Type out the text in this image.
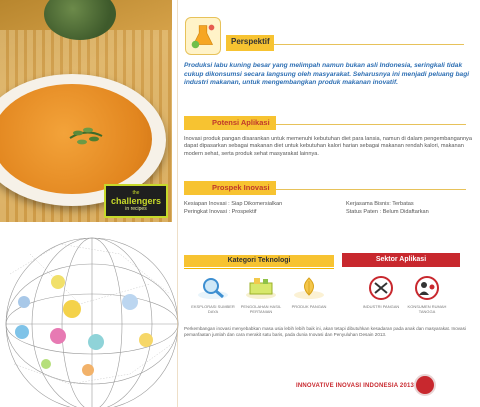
the
challengers
in recipes
Perspektif
Produksi labu kuning besar yang melimpah namun bukan asli Indonesia, seringkali tidak cukup dikonsumsi secara langsung oleh masyarakat. Seharusnya ini menjadi peluang bagi industri makanan, untuk mengembangkan produk makanan inovatif.
Potensi Aplikasi
Inovasi produk pangan disarankan untuk memenuhi kebutuhan diet para lansia, namun di dalam pengembangannya dapat dipasarkan sebagai makanan diet untuk kebutuhan kalori harian sebagai makanan rendah kalori, makanan modern sehat, serta produk sehat masyarakat lainnya.
Prospek Inovasi
Kesiapan Inovasi : Siap Dikomersialkan
Peringkat Inovasi : Prospektif
Kerjasama Bisnis: Terbatas
Status Paten : Belum Didaftarkan
Kategori Teknologi	Sektor Aplikasi
EKSPLORASI SUMBER DAYA
PENGOLAHAN HASIL PERTANIAN
PRODUK PANGAN	INDUSTRI PANGAN	KONSUMEN RUMAH TANGGA
Perkembangan inovasi menyebabkan masa usia lebih lebih baik ini, akan tetapi dibutuhkan kesadaran pada anak dan masyarakat. Inovasi pemanfaatan jumlah dan cara merakit satu baris, pada dunia Inovasi dan Penyuluhan Desain 2013.
INNOVATIVE INOVASI INDONESIA 2013
